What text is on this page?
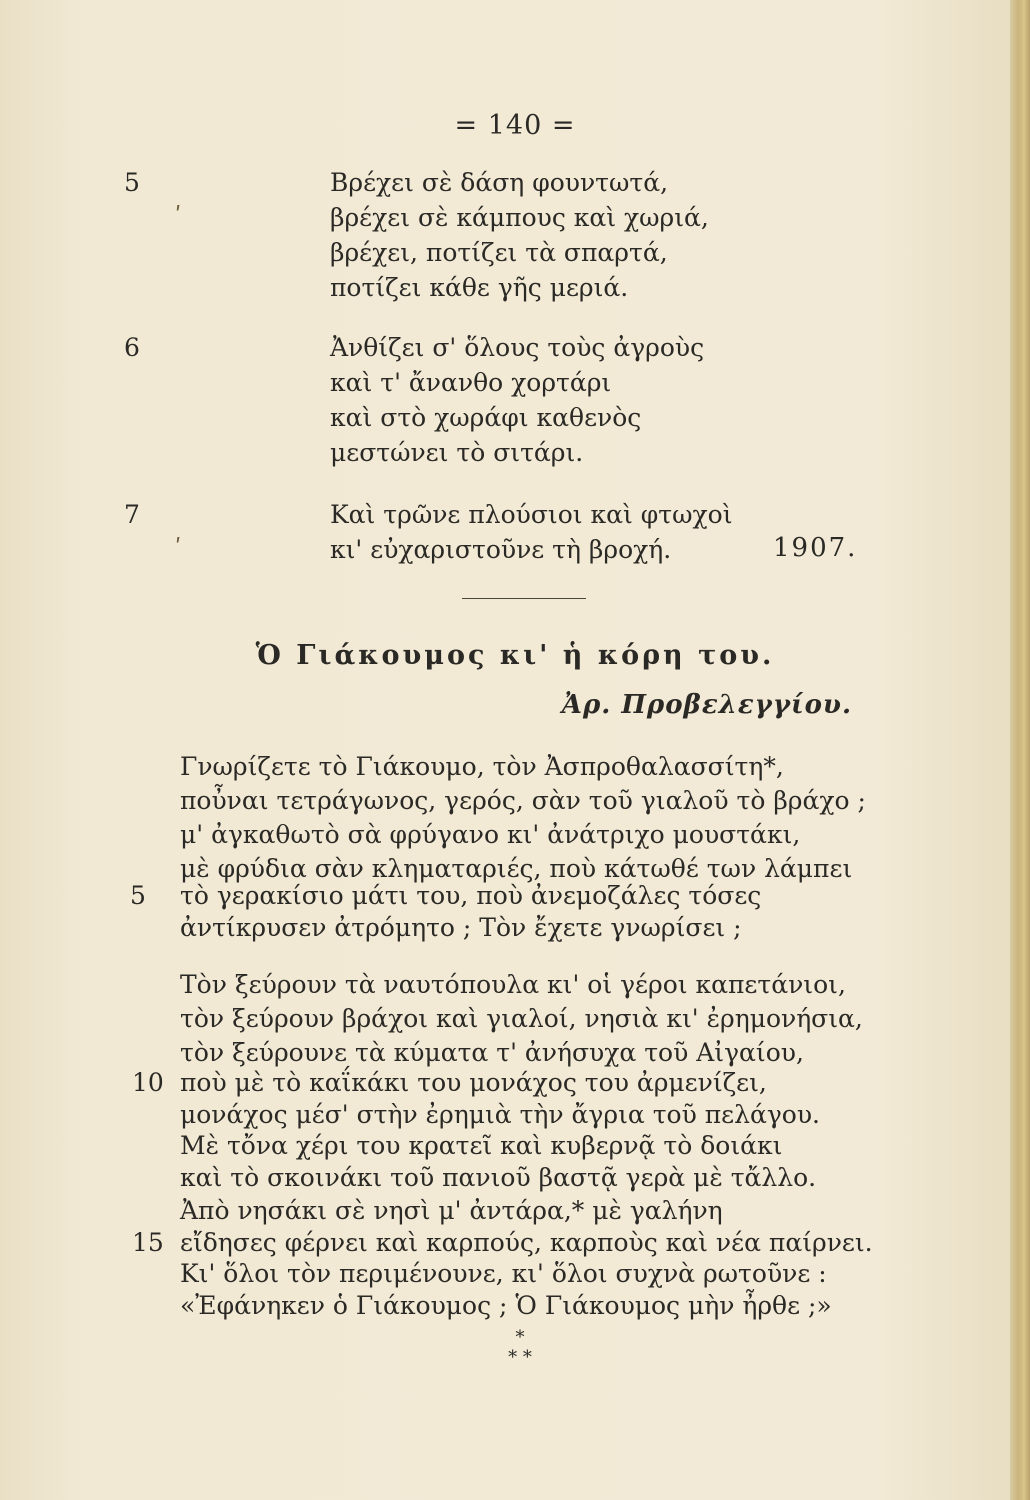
= 140 =
5
ʹ
Βρέχει σὲ δάση φουντωτά,
βρέχει σὲ κάμπους καὶ χωριά,
βρέχει, ποτίζει τὰ σπαρτά,
ποτίζει κάθε γῆς μεριά.
6	Ἀνθίζει σ' ὅλους τοὺς ἀγροὺς
καὶ τ' ἄνανθο χορτάρι
καὶ στὸ χωράφι καθενὸς
μεστώνει τὸ σιτάρι.
7
ʹ
Καὶ τρῶνε πλούσιοι καὶ φτωχοὶ
κι' εὐχαριστοῦνε τὴ βροχή.	1907.
Ὁ Γιάκουμος κι' ἡ κόρη του.
Ἀρ. Προβελεγγίου.
Γνωρίζετε τὸ Γιάκουμο, τὸν Ἀσπροθαλασσίτη*,
ποὖναι τετράγωνος, γερός, σὰν τοῦ γιαλοῦ τὸ βράχο ;
μ' ἀγκαθωτὸ σὰ φρύγανο κι' ἀνάτριχο μουστάκι,
μὲ φρύδια σὰν κληματαριές, ποὺ κάτωθέ των λάμπει
5 τὸ γερακίσιο μάτι του, ποὺ ἀνεμοζάλες τόσες
ἀντίκρυσεν ἀτρόμητο ; Τὸν ἔχετε γνωρίσει ;
Τὸν ξεύρουν τὰ ναυτόπουλα κι' οἱ γέροι καπετάνιοι,
τὸν ξεύρουν βράχοι καὶ γιαλοί, νησιὰ κι' ἐρημονήσια,
τὸν ξεύρουνε τὰ κύματα τ' ἀνήσυχα τοῦ Αἰγαίου,
10 ποὺ μὲ τὸ καΐκάκι του μονάχος του ἀρμενίζει,
μονάχος μέσ' στὴν ἐρημιὰ τὴν ἄγρια τοῦ πελάγου.
Μὲ τὄνα χέρι του κρατεῖ καὶ κυβερνᾷ τὸ δοιάκι
καὶ τὸ σκοινάκι τοῦ πανιοῦ βαστᾷ γερὰ μὲ τἄλλο.
Ἀπὸ νησάκι σὲ νησὶ μ' ἀντάρα,* μὲ γαλήνη
15 εἴδησες φέρνει καὶ καρπούς, καρποὺς καὶ νέα παίρνει.
Κι' ὅλοι τὸν περιμένουνε, κι' ὅλοι συχνὰ ρωτοῦνε :
«Ἐφάνηκεν ὁ Γιάκουμος ; Ὁ Γιάκουμος μὴν ἦρθε ;»
*
* *
